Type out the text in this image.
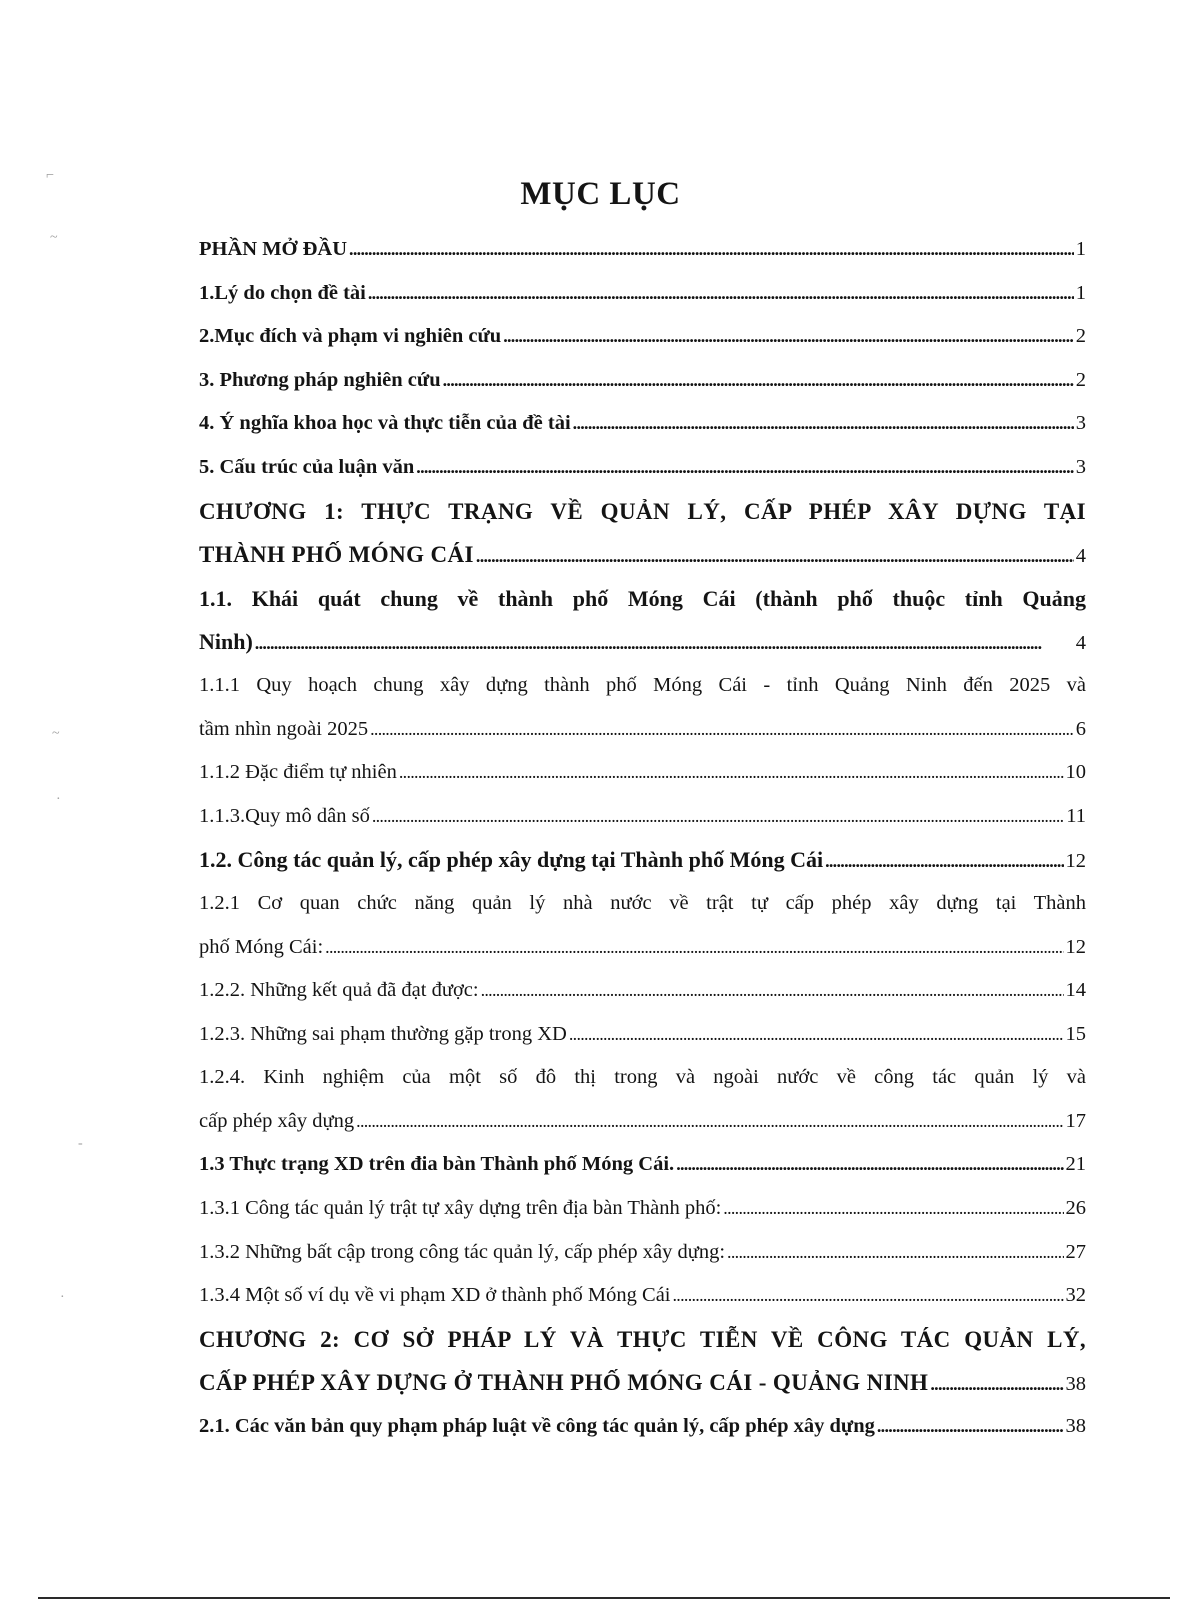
MỤC LỤC
PHẦN MỞ ĐẦU . . .	1
1.Lý do chọn đề tài . . .	1
2.Mục đích và phạm vi nghiên cứu . . .	2
3. Phương pháp nghiên cứu . . .	2
4. Ý nghĩa khoa học và thực tiễn của đề tài . . .	3
5. Cấu trúc của luận văn . . .	3
CHƯƠNG 1: THỰC TRẠNG VỀ QUẢN LÝ, CẤP PHÉP XÂY DỰNG TẠI
THÀNH PHỐ MÓNG CÁI . . .	4
1.1. Khái quát chung về thành phố Móng Cái (thành phố thuộc tỉnh Quảng
Ninh) . . .	4
1.1.1 Quy hoạch chung xây dựng thành phố Móng Cái - tỉnh Quảng Ninh đến 2025 và
tầm nhìn ngoài 2025 . . .	6
1.1.2 Đặc điểm tự nhiên . . .	10
1.1.3.Quy mô dân số . . .	11
1.2. Công tác quản lý, cấp phép xây dựng tại Thành phố Móng Cái . . .	12
1.2.1 Cơ quan chức năng quản lý nhà nước về trật tự cấp phép xây dựng tại Thành
phố Móng Cái: . . .	12
1.2.2. Những kết quả đã đạt được: . . .	14
1.2.3. Những sai phạm thường gặp trong XD . . .	15
1.2.4. Kinh nghiệm của một số đô thị trong và ngoài nước về công tác quản lý và
cấp phép xây dựng . . .	17
1.3 Thực trạng XD trên đia bàn Thành phố Móng Cái. . . .	21
1.3.1 Công tác quản lý trật tự xây dựng trên địa bàn Thành phố: . . .	26
1.3.2 Những bất cập trong công tác quản lý, cấp phép xây dựng: . . .	27
1.3.4 Một số ví dụ về vi phạm XD ở thành phố Móng Cái . . .	32
CHƯƠNG 2: CƠ SỞ PHÁP LÝ VÀ THỰC TIỄN VỀ CÔNG TÁC QUẢN LÝ,
CẤP PHÉP XÂY DỰNG Ở THÀNH PHỐ MÓNG CÁI - QUẢNG NINH . . .	38
2.1. Các văn bản quy phạm pháp luật về công tác quản lý, cấp phép xây dựng . . .	38
⌐
~
~
·
-
·
